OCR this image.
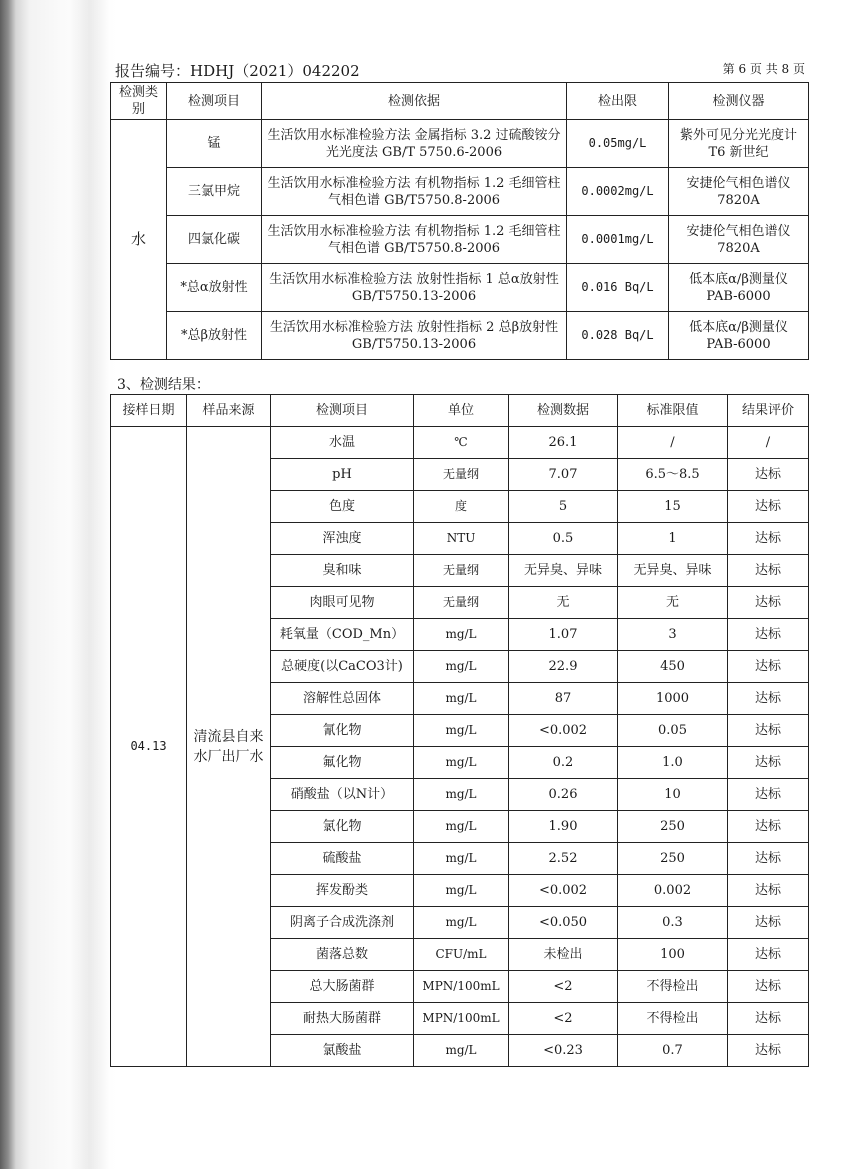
报告编号：HDHJ（2021）042202	第 6 页 共 8 页
检测类别	检测项目	检测依据	检出限	检测仪器
水	锰	生活饮用水标准检验方法 金属指标 3.2 过硫酸铵分光光度法 GB/T 5750.6-2006	0.05mg/L	紫外可见分光光度计 T6 新世纪
	三氯甲烷	生活饮用水标准检验方法 有机物指标 1.2 毛细管柱气相色谱 GB/T5750.8-2006	0.0002mg/L	安捷伦气相色谱仪 7820A
	四氯化碳	生活饮用水标准检验方法 有机物指标 1.2 毛细管柱气相色谱 GB/T5750.8-2006	0.0001mg/L	安捷伦气相色谱仪 7820A
	*总α放射性	生活饮用水标准检验方法 放射性指标 1 总α放射性 GB/T5750.13-2006	0.016 Bq/L	低本底α/β测量仪 PAB-6000
	*总β放射性	生活饮用水标准检验方法 放射性指标 2 总β放射性 GB/T5750.13-2006	0.028 Bq/L	低本底α/β测量仪 PAB-6000
3、检测结果：
接样日期	样品来源	检测项目	单位	检测数据	标准限值	结果评价
04.13	清流县自来水厂出厂水	水温	℃	26.1	/	/
		pH	无量纲	7.07	6.5～8.5	达标
		色度	度	5	15	达标
		浑浊度	NTU	0.5	1	达标
		臭和味	无量纲	无异臭、异味	无异臭、异味	达标
		肉眼可见物	无量纲	无	无	达标
		耗氧量（COD_Mn）	mg/L	1.07	3	达标
		总硬度(以CaCO3计)	mg/L	22.9	450	达标
		溶解性总固体	mg/L	87	1000	达标
		氰化物	mg/L	<0.002	0.05	达标
		氟化物	mg/L	0.2	1.0	达标
		硝酸盐（以N计）	mg/L	0.26	10	达标
		氯化物	mg/L	1.90	250	达标
		硫酸盐	mg/L	2.52	250	达标
		挥发酚类	mg/L	<0.002	0.002	达标
		阴离子合成洗涤剂	mg/L	<0.050	0.3	达标
		菌落总数	CFU/mL	未检出	100	达标
		总大肠菌群	MPN/100mL	<2	不得检出	达标
		耐热大肠菌群	MPN/100mL	<2	不得检出	达标
		氯酸盐	mg/L	<0.23	0.7	达标
